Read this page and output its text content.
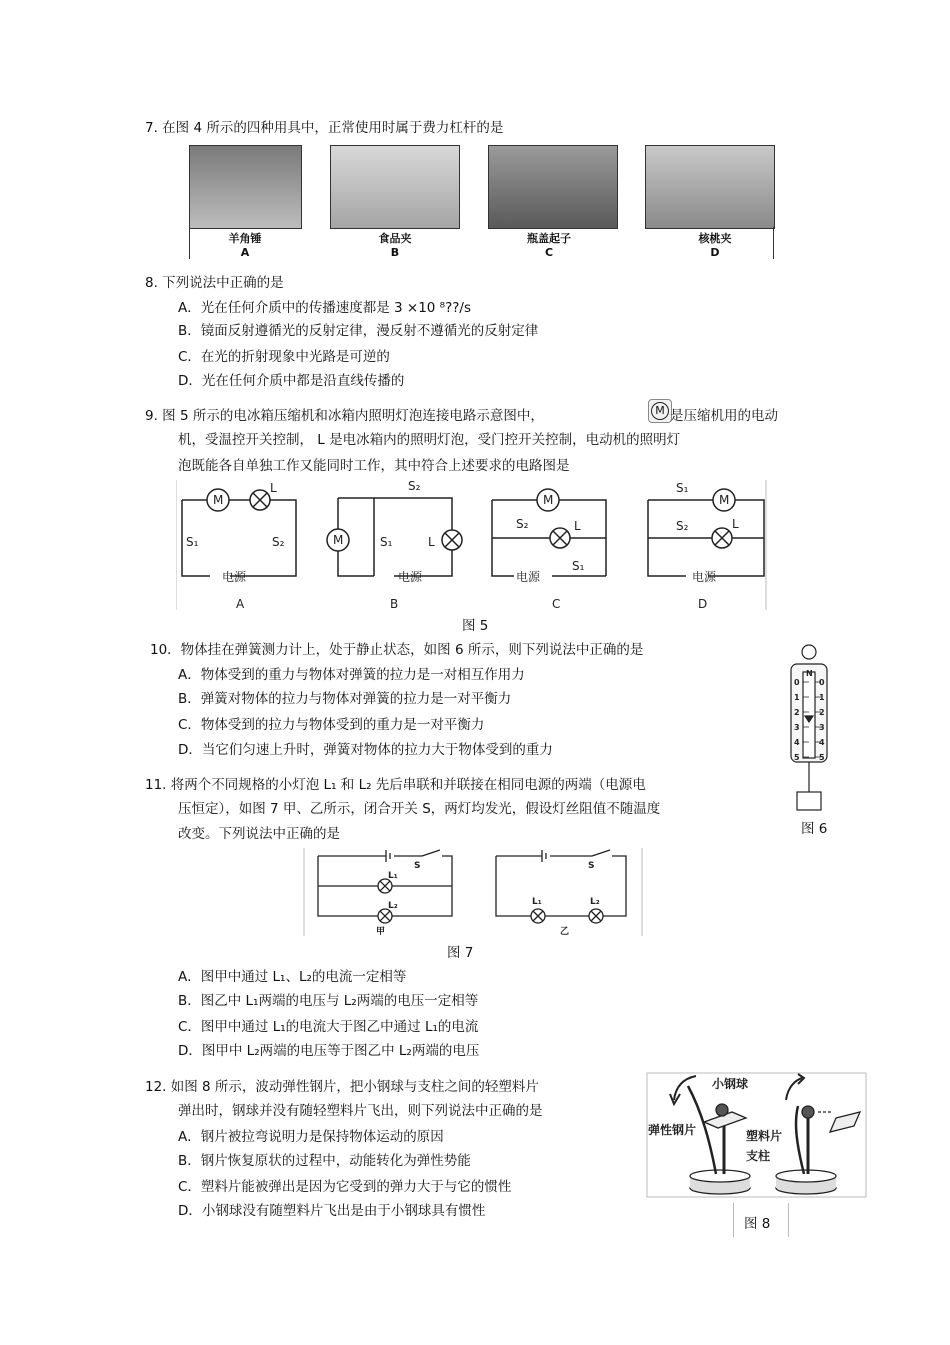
7. 在图 4 所示的四种用具中，正常使用时属于费力杠杆的是
羊角锤
A
食品夹
B
瓶盖起子
C
核桃夹
D
8. 下列说法中正确的是
A．光在任何介质中的传播速度都是 3 ×10 ⁸??/s
B．镜面反射遵循光的反射定律，漫反射不遵循光的反射定律
C．在光的折射现象中光路是可逆的
D．光在任何介质中都是沿直线传播的
9. 图 5 所示的电冰箱压缩机和冰箱内照明灯泡连接电路示意图中，	M 是压缩机用的电动
机，受温控开关控制， L 是电冰箱内的照明灯泡，受门控开关控制，电动机的照明灯
泡既能各自单独工作又能同时工作，其中符合上述要求的电路图是
M
L
S₁	S₂
电源
A
M
S₂
S₁	L
电源
B
M
S₂	L
电源
S₁
C
S₁
M
S₂	L
电源
D
图 5
10．物体挂在弹簧测力计上，处于静止状态，如图 6 所示，则下列说法中正确的是
A．物体受到的重力与物体对弹簧的拉力是一对相互作用力
B．弹簧对物体的拉力与物体对弹簧的拉力是一对平衡力
C．物体受到的拉力与物体受到的重力是一对平衡力
D．当它们匀速上升时，弹簧对物体的拉力大于物体受到的重力
N
0
1
2
3
4
5
0
1
2
3
4
5
图 6
11. 将两个不同规格的小灯泡 L₁ 和 L₂ 先后串联和并联接在相同电源的两端（电源电
压恒定），如图 7 甲、乙所示，闭合开关 S，两灯均发光，假设灯丝阻值不随温度
改变。下列说法中正确的是
S
L₁
L₂
甲
S
L₁	L₂
乙
图 7
A．图甲中通过 L₁、L₂的电流一定相等
B．图乙中 L₁两端的电压与 L₂两端的电压一定相等
C．图甲中通过 L₁的电流大于图乙中通过 L₁的电流
D．图甲中 L₂两端的电压等于图乙中 L₂两端的电压
12. 如图 8 所示，波动弹性钢片，把小钢球与支柱之间的轻塑料片
弹出时，钢球并没有随轻塑料片飞出，则下列说法中正确的是
A．钢片被拉弯说明力是保持物体运动的原因
B．钢片恢复原状的过程中，动能转化为弹性势能
C．塑料片能被弹出是因为它受到的弹力大于与它的惯性
D．小钢球没有随塑料片飞出是由于小钢球具有惯性
小钢球
弹性钢片	塑料片
支柱
图 8
